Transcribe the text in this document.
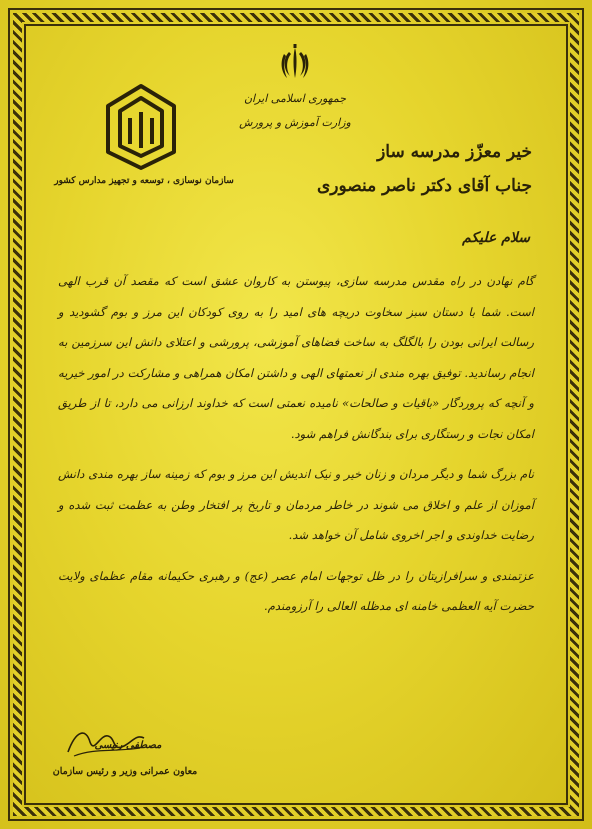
جمهوری اسلامی ایران
وزارت آموزش و پرورش
سازمان نوسازی ، توسعه و تجهیز مدارس کشور
خیر معزّز مدرسه ساز
جناب آقای دکتر ناصر منصوری
سلام علیکم

گام نهادن در راه مقدس مدرسه سازی، پیوستن به کاروان عشق است که مقصد آن قرب الهی است. شما با دستان سبز سخاوت دریچه های امید را به روی کودکان این مرز و بوم گشودید و رسالت ایرانی بودن را بالگلگ به ساخت فضاهای آموزشی، پرورشی و اعتلای دانش این سرزمین به انجام رساندید. توفیق بهره مندی از نعمتهای الهی و داشتن امکان همراهی و مشارکت در امور خیریه و آنچه که پروردگار «باقیات و صالحات» نامیده نعمتی است که خداوند ارزانی می دارد، تا از طریق امکان نجات و رستگاری برای بندگانش فراهم شود.

نام بزرگ شما و دیگر مردان و زنان خیر و نیک اندیش این مرز و بوم که زمینه ساز بهره مندی دانش آموزان از علم و اخلاق می شوند در خاطر مردمان و تاریخ پر افتخار وطن به عظمت ثبت شده و رضایت خداوندی و اجر اخروی شامل آن خواهد شد.

عزتمندی و سرافرازیتان را در ظل توجهات امام عصر (عج) و رهبری حکیمانه مقام عظمای ولایت حضرت آیه العظمی خامنه ای مدظله العالی را آرزومندم.

مصطفی رنیسی
معاون عمرانی وزیر و رئیس سازمان
